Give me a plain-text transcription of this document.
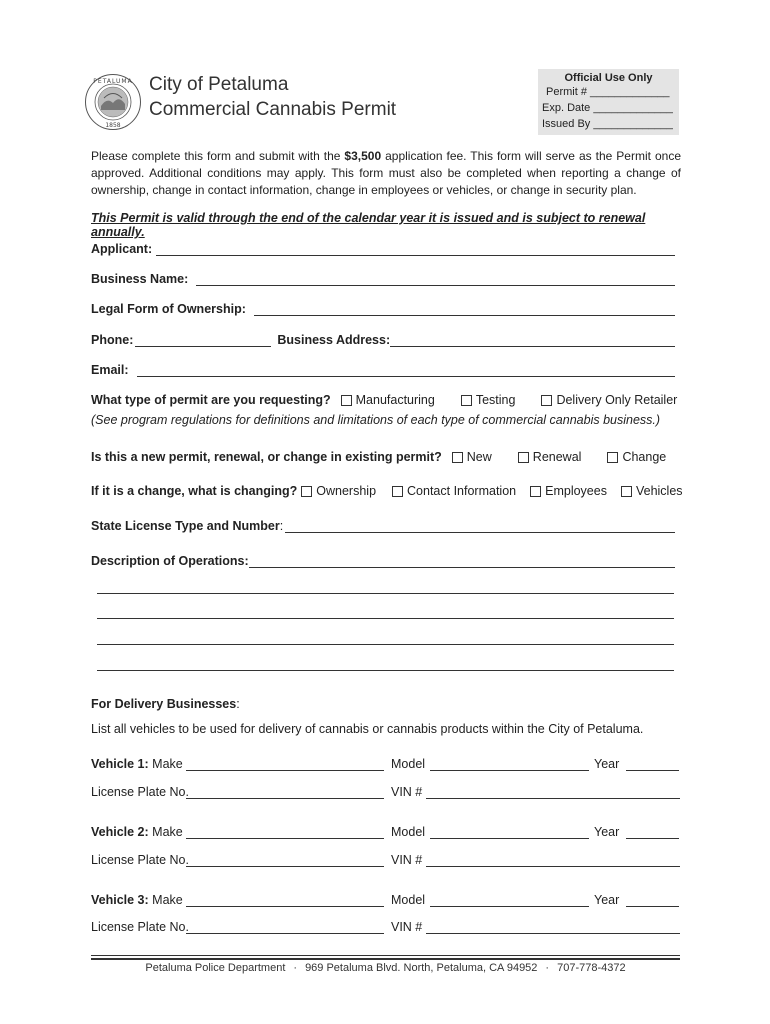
PETALUMA
1858
City of Petaluma
Commercial Cannabis Permit
Official Use Only
Permit # _____________
Exp. Date _____________
Issued By _____________
Please complete this form and submit with the $3,500 application fee. This form will serve as the Permit once approved. Additional conditions may apply. This form must also be completed when reporting a change of ownership, change in contact information, change in employees or vehicles, or change in security plan.
This Permit is valid through the end of the calendar year it is issued and is subject to renewal annually.
Applicant:
Business Name:
Legal Form of Ownership:
Phone:	Business Address:
Email:
What type of permit are you requesting? Manufacturing	Testing	Delivery Only Retailer
(See program regulations for definitions and limitations of each type of commercial cannabis business.)
Is this a new permit, renewal, or change in existing permit? New	Renewal	Change
If it is a change, what is changing? Ownership Contact Information Employees Vehicles
State License Type and Number :
Description of Operations:
For Delivery Businesses :
List all vehicles to be used for delivery of cannabis or cannabis products within the City of Petaluma.
Vehicle 1: Make	Model	Year
License Plate No.	VIN #
Vehicle 2: Make	Model	Year
License Plate No.	VIN #
Vehicle 3: Make	Model	Year
License Plate No.	VIN #
Petaluma Police Department · 969 Petaluma Blvd. North, Petaluma, CA 94952 · 707-778-4372
